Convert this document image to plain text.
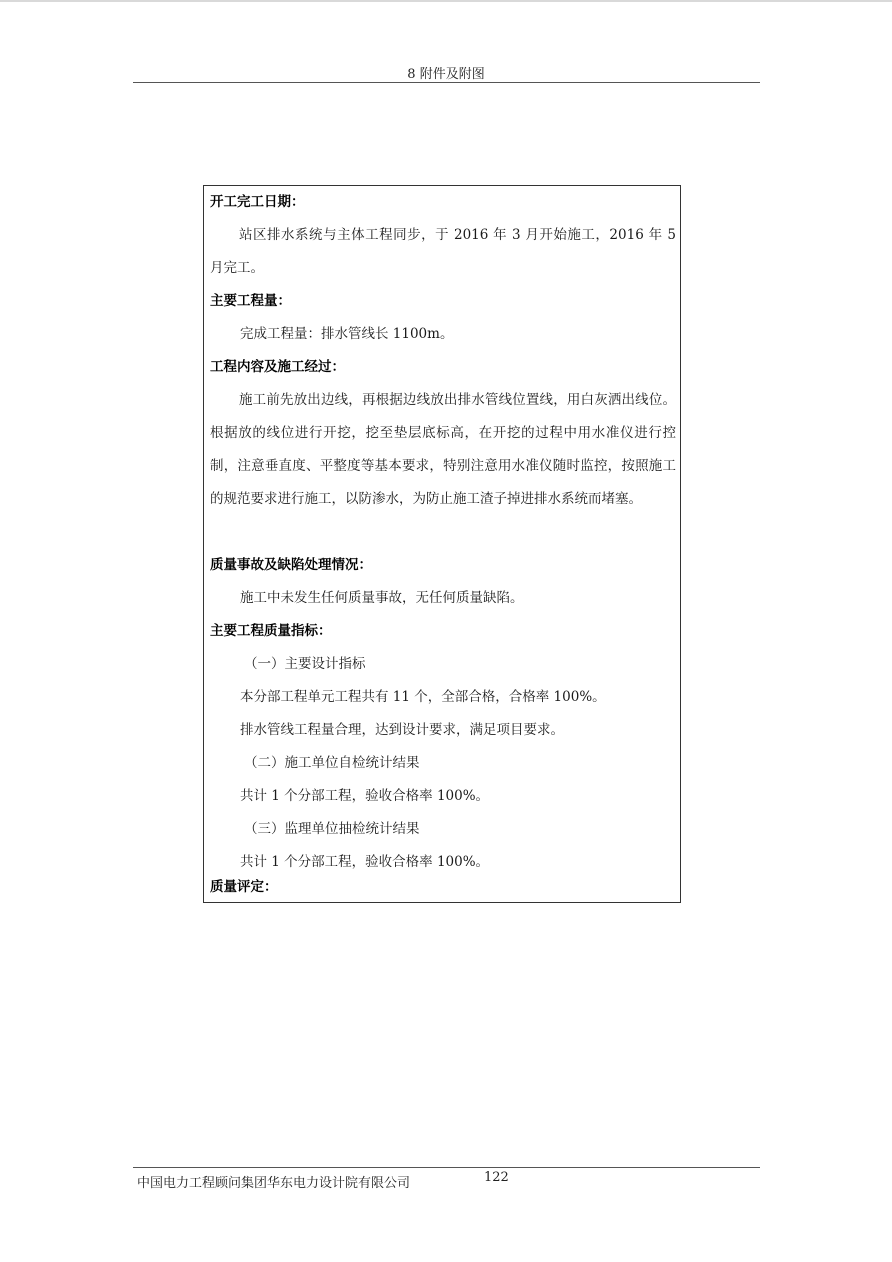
8 附件及附图
开工完工日期：

站区排水系统与主体工程同步，于 2016 年 3 月开始施工，2016 年 5 月完工。

主要工程量：
完成工程量：排水管线长 1100m。
工程内容及施工经过：

施工前先放出边线，再根据边线放出排水管线位置线，用白灰洒出线位。根据放的线位进行开挖，挖至垫层底标高，在开挖的过程中用水准仪进行控制，注意垂直度、平整度等基本要求，特别注意用水准仪随时监控，按照施工的规范要求进行施工，以防渗水，为防止施工渣子掉进排水系统而堵塞。

质量事故及缺陷处理情况：
施工中未发生任何质量事故，无任何质量缺陷。
主要工程质量指标：
（一）主要设计指标
本分部工程单元工程共有 11 个，全部合格，合格率 100%。
排水管线工程量合理，达到设计要求，满足项目要求。
（二）施工单位自检统计结果
共计 1 个分部工程，验收合格率 100%。
（三）监理单位抽检统计结果
共计 1 个分部工程，验收合格率 100%。
质量评定：
中国电力工程顾问集团华东电力设计院有限公司	122
